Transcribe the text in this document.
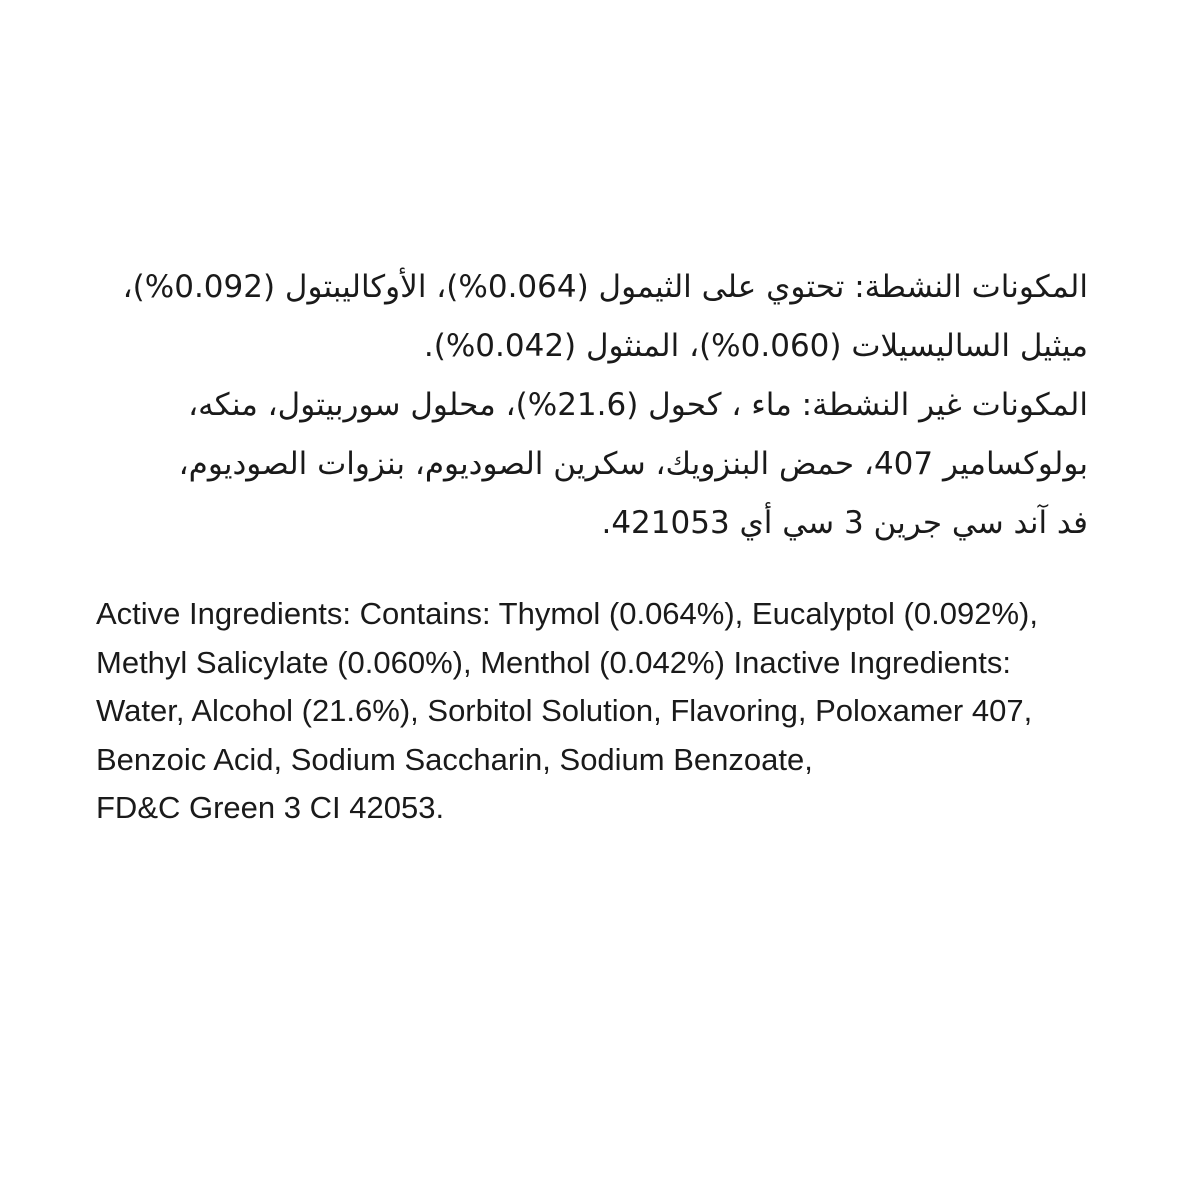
المكونات النشطة: تحتوي على الثيمول (0.064%)، الأوكاليبتول (0.092%)،
ميثيل الساليسيلات (0.060%)، المنثول (0.042%).
المكونات غير النشطة: ماء ، كحول (21.6%)، محلول سوربيتول، منكه،
بولوكسامير 407، حمض البنزويك، سكرين الصوديوم، بنزوات الصوديوم،
فد آند سي جرين 3 سي أي 421053.
Active Ingredients: Contains: Thymol (0.064%), Eucalyptol (0.092%),
Methyl Salicylate (0.060%), Menthol (0.042%) Inactive Ingredients:
Water, Alcohol (21.6%), Sorbitol Solution, Flavoring, Poloxamer 407,
Benzoic Acid, Sodium Saccharin, Sodium Benzoate,
FD&C Green 3 CI 42053.
